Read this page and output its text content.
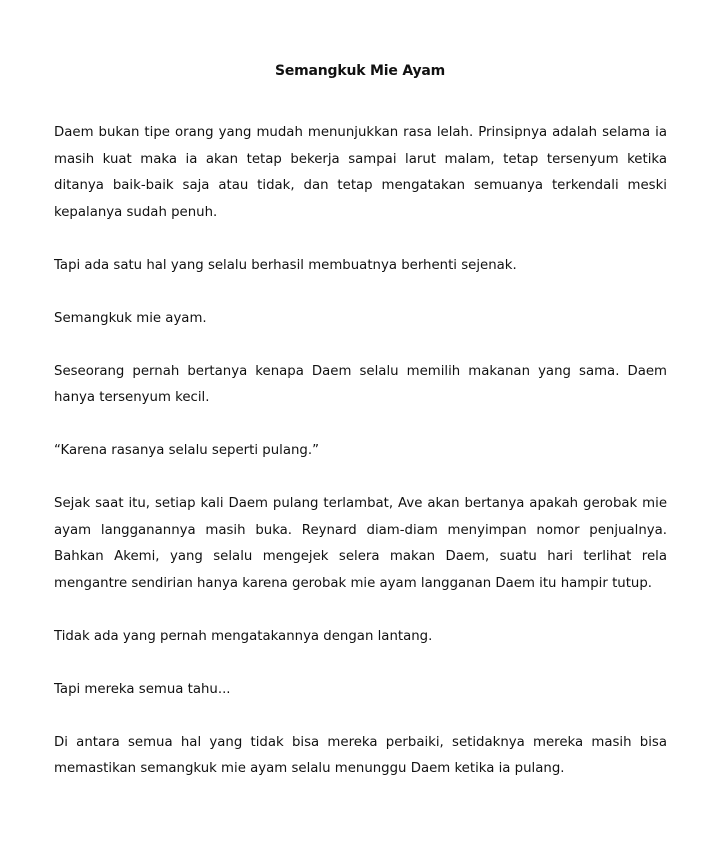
Semangkuk Mie Ayam

Daem bukan tipe orang yang mudah menunjukkan rasa lelah. Prinsipnya adalah selama ia masih kuat maka ia akan tetap bekerja sampai larut malam, tetap tersenyum ketika ditanya baik-baik saja atau tidak, dan tetap mengatakan semuanya terkendali meski kepalanya sudah penuh.

Tapi ada satu hal yang selalu berhasil membuatnya berhenti sejenak.

Semangkuk mie ayam.

Seseorang pernah bertanya kenapa Daem selalu memilih makanan yang sama. Daem hanya tersenyum kecil.

“Karena rasanya selalu seperti pulang.”

Sejak saat itu, setiap kali Daem pulang terlambat, Ave akan bertanya apakah gerobak mie ayam langganannya masih buka. Reynard diam-diam menyimpan nomor penjualnya. Bahkan Akemi, yang selalu mengejek selera makan Daem, suatu hari terlihat rela mengantre sendirian hanya karena gerobak mie ayam langganan Daem itu hampir tutup.

Tidak ada yang pernah mengatakannya dengan lantang.

Tapi mereka semua tahu...

Di antara semua hal yang tidak bisa mereka perbaiki, setidaknya mereka masih bisa memastikan semangkuk mie ayam selalu menunggu Daem ketika ia pulang.
